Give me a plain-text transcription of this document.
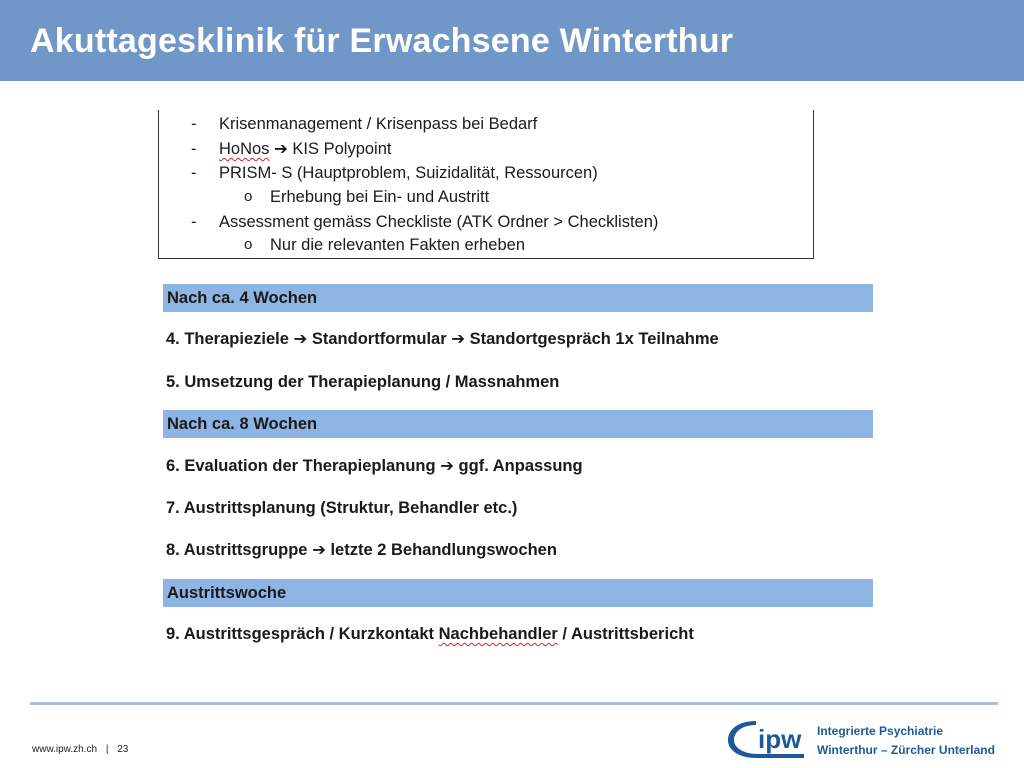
Akuttagesklinik für Erwachsene Winterthur
- Krisenmanagement / Krisenpass bei Bedarf
- HoNos ➔ KIS Polypoint
- PRISM- S (Hauptproblem, Suizidalität, Ressourcen)
o Erhebung bei Ein- und Austritt
- Assessment gemäss Checkliste (ATK Ordner > Checklisten)
o Nur die relevanten Fakten erheben
Nach ca. 4 Wochen
4. Therapieziele ➔ Standortformular ➔ Standortgespräch 1x Teilnahme
5. Umsetzung der Therapieplanung / Massnahmen
Nach ca. 8 Wochen
6. Evaluation der Therapieplanung ➔ ggf. Anpassung
7. Austrittsplanung (Struktur, Behandler etc.)
8. Austrittsgruppe ➔ letzte 2 Behandlungswochen
Austrittswoche
9. Austrittsgespräch / Kurzkontakt Nachbehandler / Austrittsbericht
www.ipw.zh.ch | 23	ipw Integrierte Psychiatrie
Winterthur – Zürcher Unterland
